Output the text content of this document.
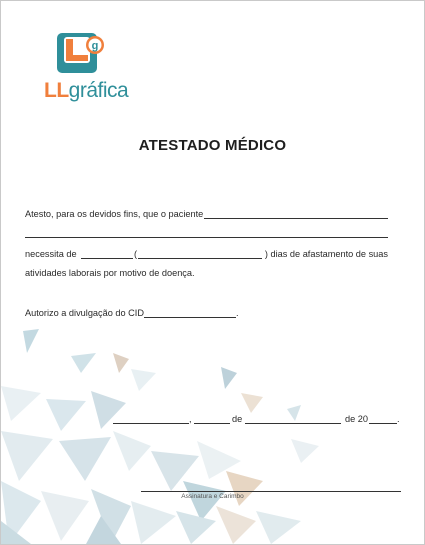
g
LLgráfica
ATESTADO MÉDICO
Atesto, para os devidos fins, que o paciente
necessita de	(	) dias de afastamento de suas
atividades laborais por motivo de doença.
Autorizo a divulgação do CID	.
,	de	de 20	.
Assinatura e Carimbo
